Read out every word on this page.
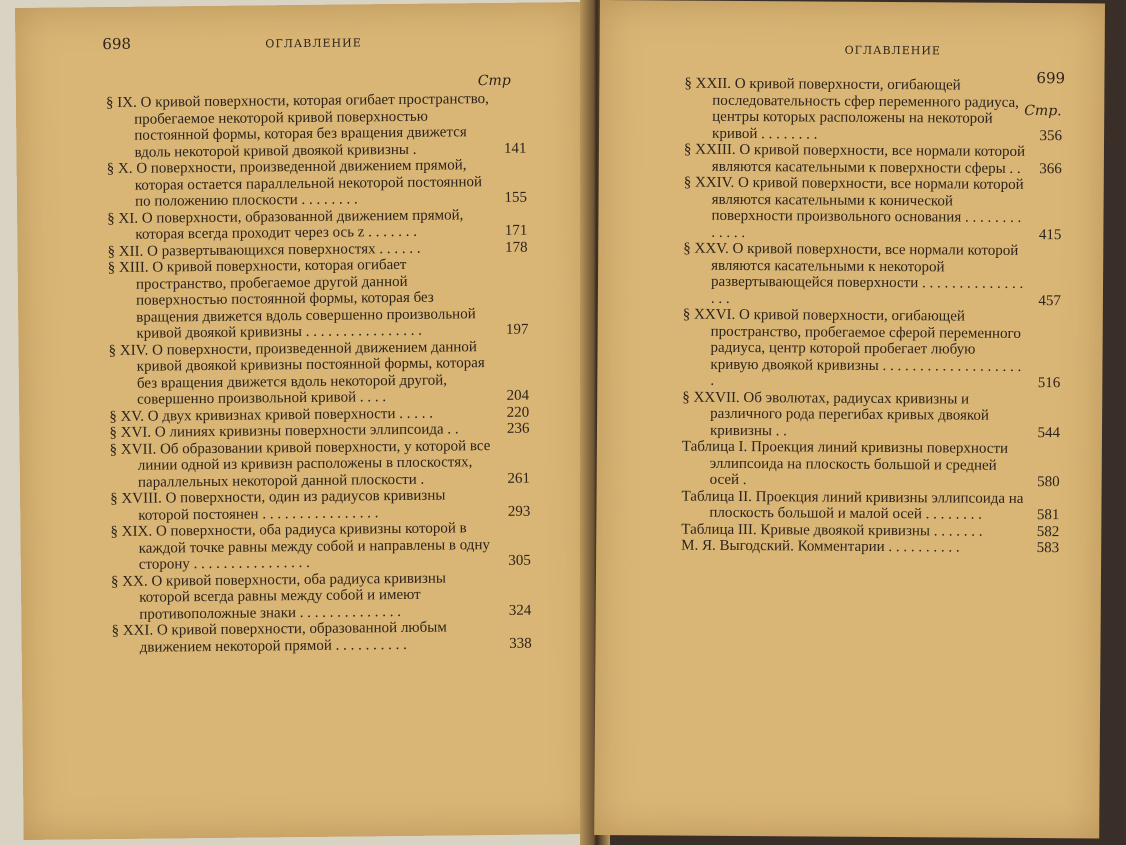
698	ОГЛАВЛЕНИЕ
Стр
§ IX. О кривой поверхности, которая огибает пространство, пробегаемое некоторой кривой поверхностью постоянной формы, которая без вращения движется вдоль некоторой кривой двоякой кривизны .	141
§ X. О поверхности, произведенной движением прямой, которая остается параллельной некоторой постоянной по положению плоскости . . . . . . . .	155
§ XI. О поверхности, образованной движением прямой, которая всегда проходит через ось z . . . . . . .	171
§ XII. О развертывающихся поверхностях . . . . . .	178
§ XIII. О кривой поверхности, которая огибает пространство, пробегаемое другой данной поверхностью постоянной формы, которая без вращения движется вдоль совершенно произвольной кривой двоякой кривизны . . . . . . . . . . . . . . . .	197
§ XIV. О поверхности, произведенной движением данной кривой двоякой кривизны постоянной формы, которая без вращения движется вдоль некоторой другой, совершенно произвольной кривой . . . .	204
§ XV. О двух кривизнах кривой поверхности . . . . .	220
§ XVI. О линиях кривизны поверхности эллипсоида . .	236
§ XVII. Об образовании кривой поверхности, у которой все линии одной из кривизн расположены в плоскостях, параллельных некоторой данной плоскости .	261
§ XVIII. О поверхности, один из радиусов кривизны которой постоянен . . . . . . . . . . . . . . . .	293
§ XIX. О поверхности, оба радиуса кривизны которой в каждой точке равны между собой и направлены в одну сторону . . . . . . . . . . . . . . . .	305
§ XX. О кривой поверхности, оба радиуса кривизны которой всегда равны между собой и имеют противоположные знаки . . . . . . . . . . . . . .	324
§ XXI. О кривой поверхности, образованной любым движением некоторой прямой . . . . . . . . . .	338
ОГЛАВЛЕНИЕ
699
Стр.
§ XXII. О кривой поверхности, огибающей последовательность сфер переменного радиуса, центры которых расположены на некоторой кривой . . . . . . . .	356
§ XXIII. О кривой поверхности, все нормали которой являются касательными к поверхности сферы . .	366
§ XXIV. О кривой поверхности, все нормали которой являются касательными к конической поверхности произвольного основания . . . . . . . . . . . . .	415
§ XXV. О кривой поверхности, все нормали которой являются касательными к некоторой развертывающейся поверхности . . . . . . . . . . . . . . . . .	457
§ XXVI. О кривой поверхности, огибающей пространство, пробегаемое сферой переменного радиуса, центр которой пробегает любую кривую двоякой кривизны . . . . . . . . . . . . . . . . . . . .	516
§ XXVII. Об эволютах, радиусах кривизны и различного рода перегибах кривых двоякой кривизны . .	544
Таблица I. Проекция линий кривизны поверхности эллипсоида на плоскость большой и средней осей .	580
Таблица II. Проекция линий кривизны эллипсоида на плоскость большой и малой осей . . . . . . . .	581
Таблица III. Кривые двоякой кривизны . . . . . . .	582
М. Я. Выгодский. Комментарии . . . . . . . . . .	583
